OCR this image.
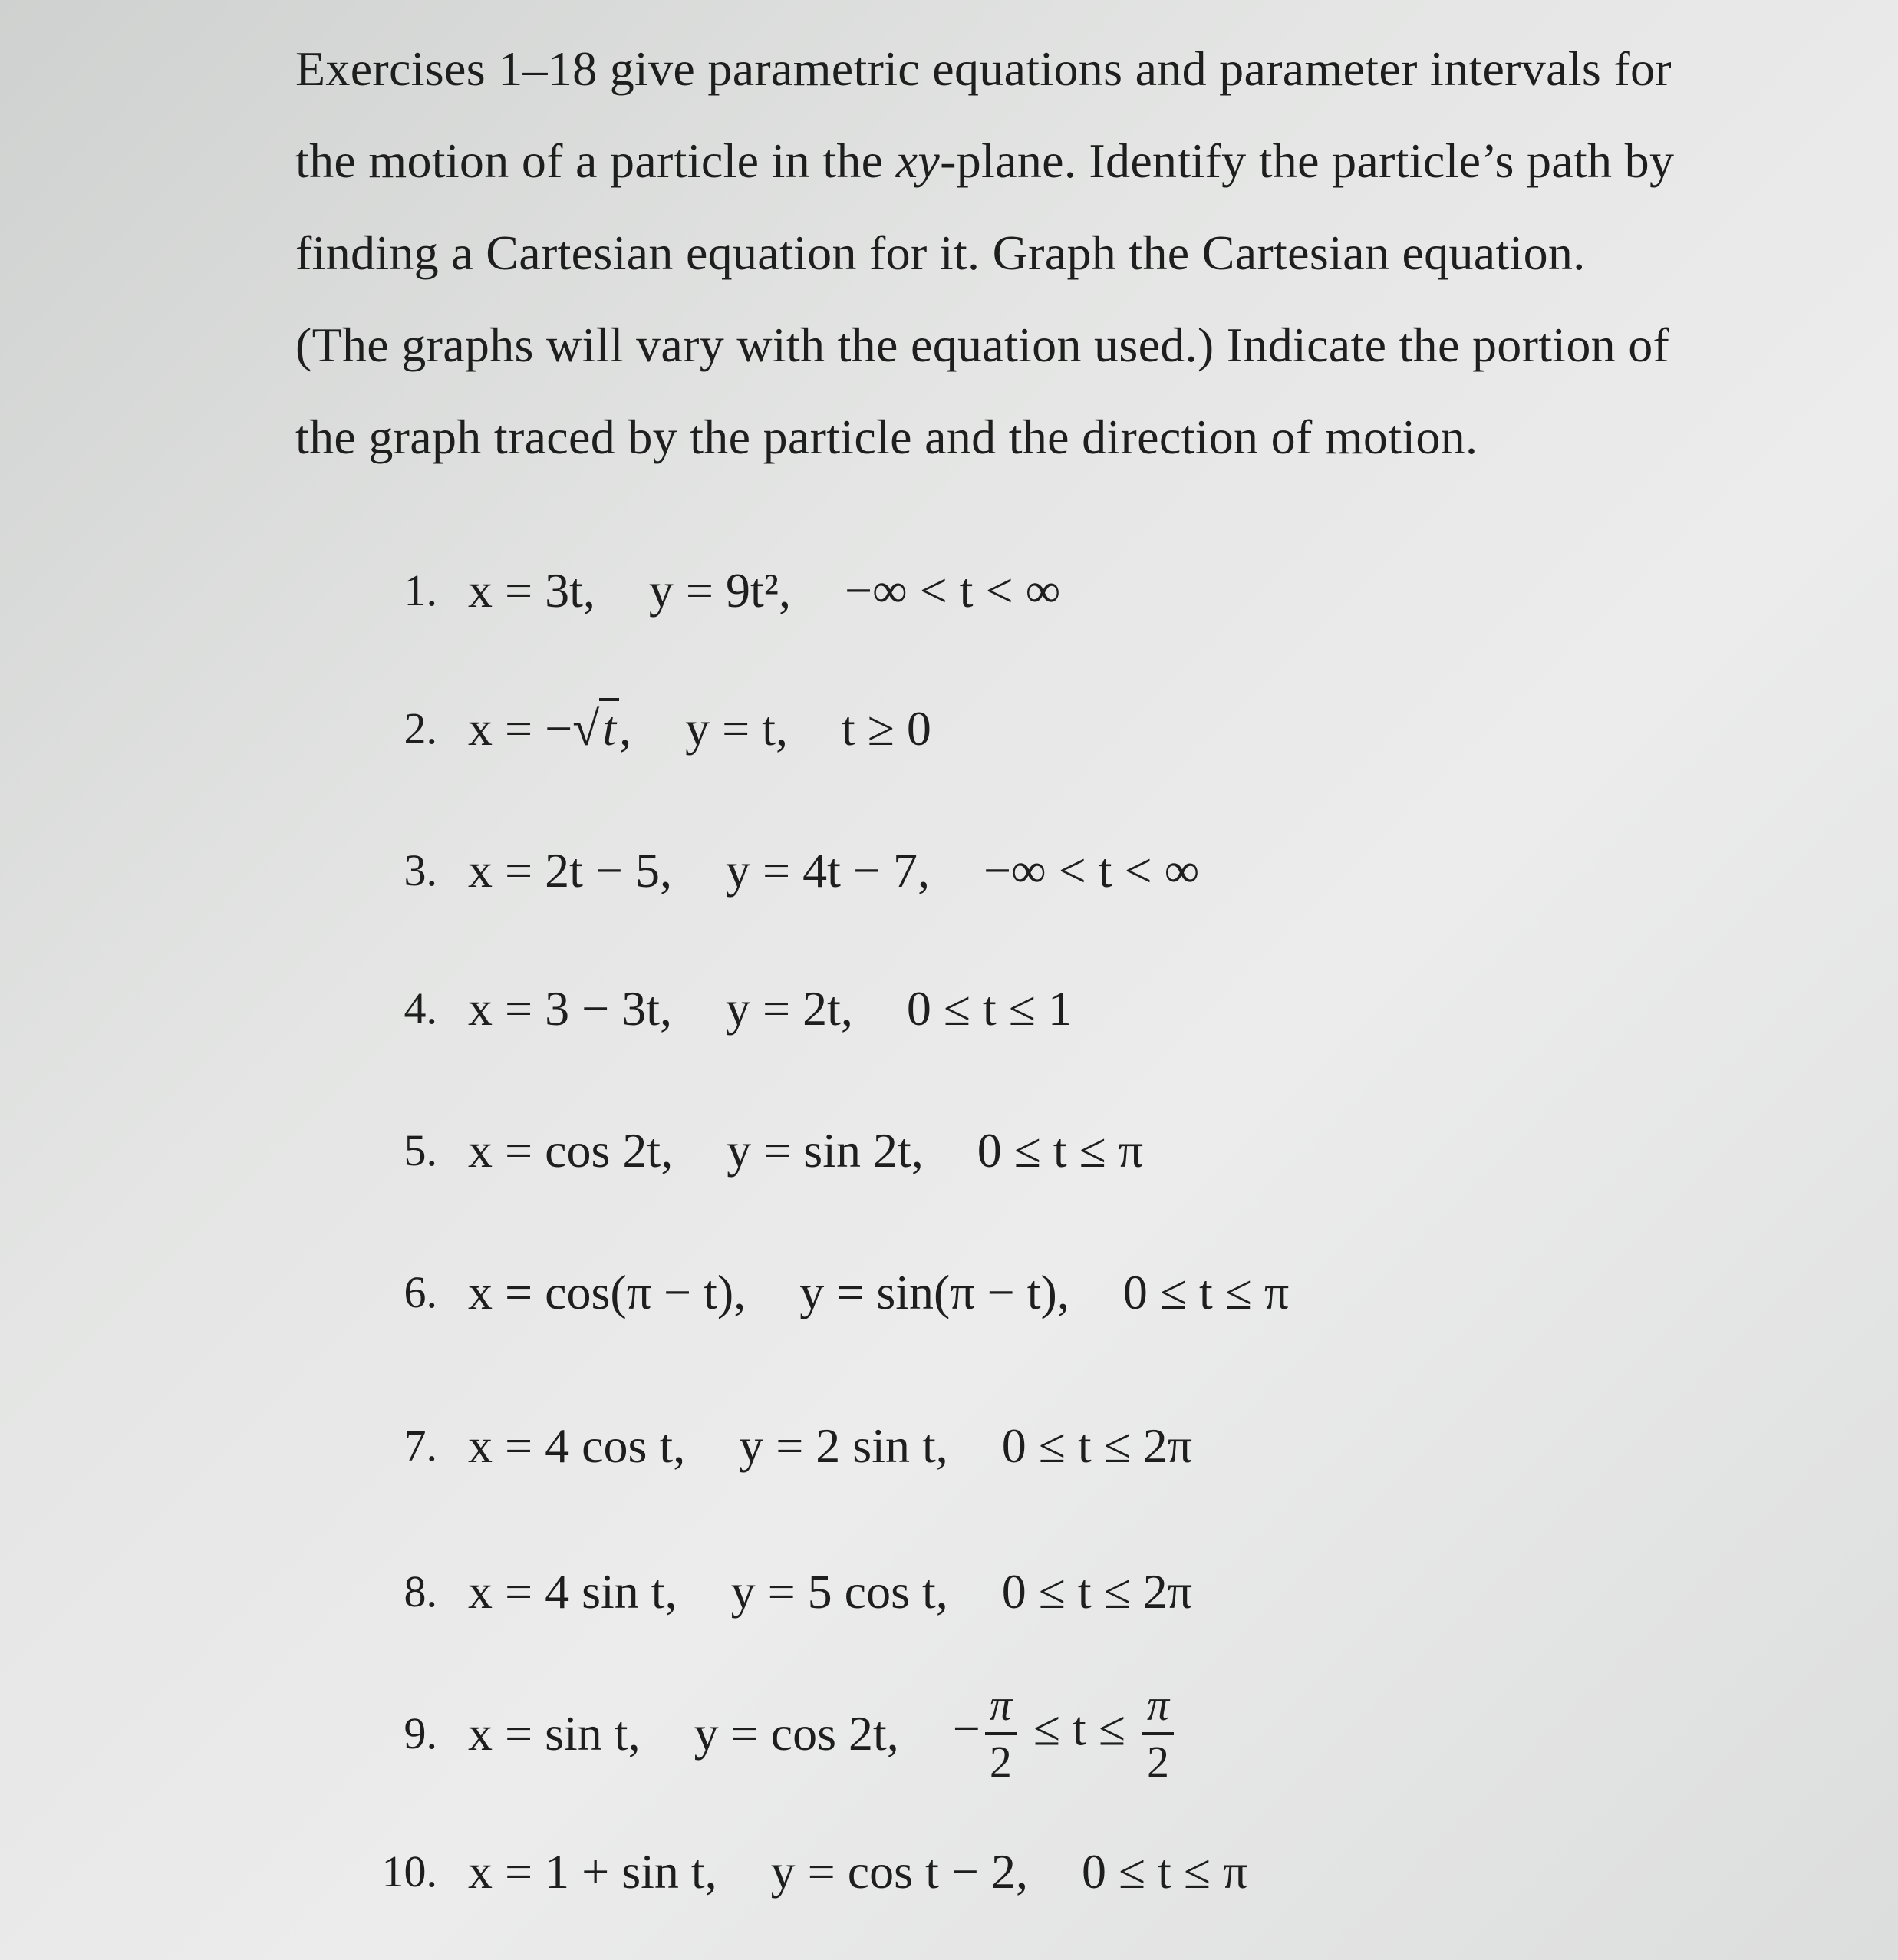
Exercises 1–18 give parametric equations and parameter intervals for
the motion of a particle in the xy-plane. Identify the particle’s path by
finding a Cartesian equation for it. Graph the Cartesian equation.
(The graphs will vary with the equation used.) Indicate the portion of
the graph traced by the particle and the direction of motion.
1. x = 3t, y = 9t², −∞ < t < ∞
2. x = −√t, y = t, t ≥ 0
3. x = 2t − 5, y = 4t − 7, −∞ < t < ∞
4. x = 3 − 3t, y = 2t, 0 ≤ t ≤ 1
5. x = cos 2t, y = sin 2t, 0 ≤ t ≤ π
6. x = cos(π − t), y = sin(π − t), 0 ≤ t ≤ π
7. x = 4 cos t, y = 2 sin t, 0 ≤ t ≤ 2π
8. x = 4 sin t, y = 5 cos t, 0 ≤ t ≤ 2π
9. x = sin t, y = cos 2t, − $\frac{\pi}{2} \le t \le \frac{\pi}{2}$
10. x = 1 + sin t, y = cos t − 2, 0 ≤ t ≤ π
